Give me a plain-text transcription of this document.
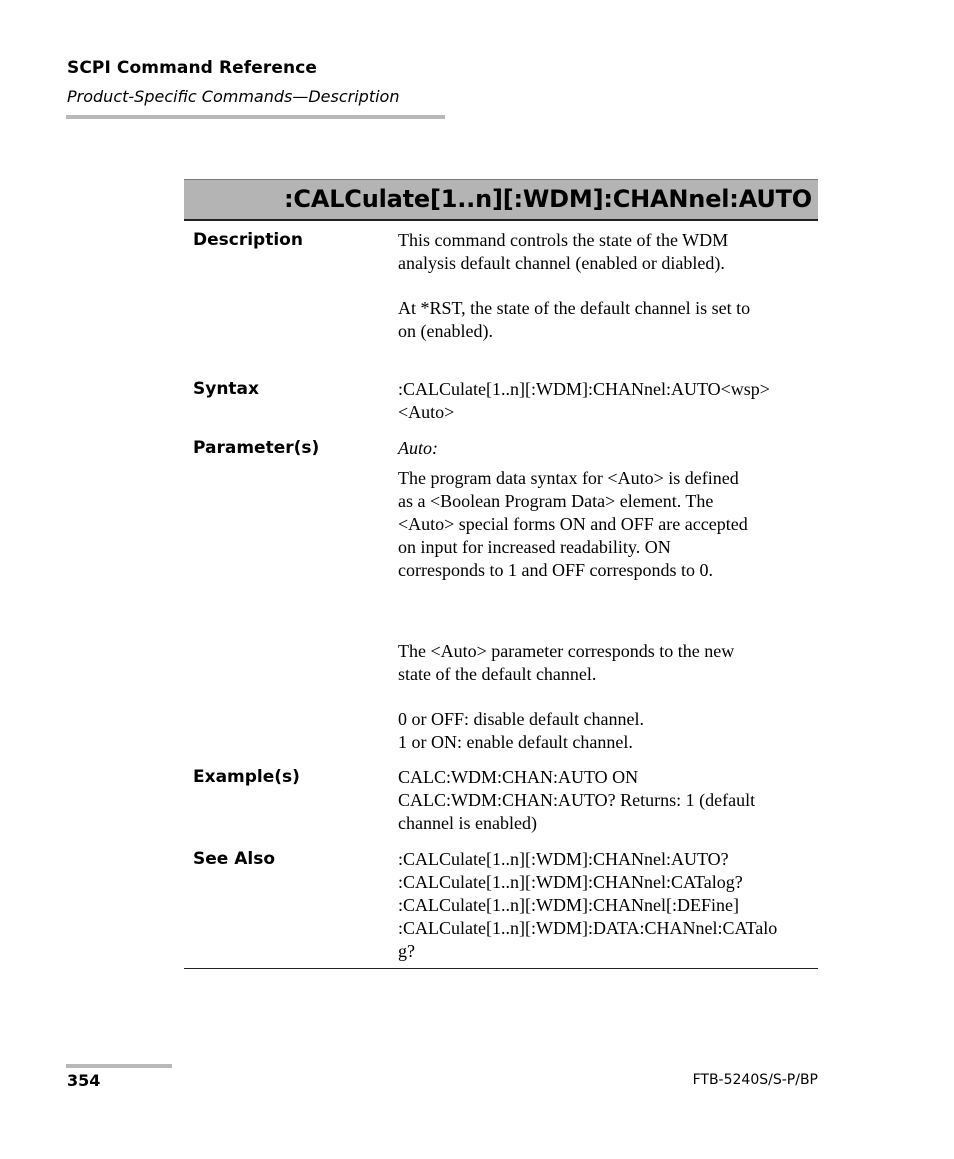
SCPI Command Reference
Product-Specific Commands—Description
:CALCulate[1..n][:WDM]:CHANnel:AUTO
Description	This command controls the state of the WDM
analysis default channel (enabled or diabled).
At *RST, the state of the default channel is set to
on (enabled).
Syntax	:CALCulate[1..n][:WDM]:CHANnel:AUTO<wsp>
<Auto>
Parameter(s)	Auto:
The program data syntax for <Auto> is defined
as a <Boolean Program Data> element. The
<Auto> special forms ON and OFF are accepted
on input for increased readability. ON
corresponds to 1 and OFF corresponds to 0.
The <Auto> parameter corresponds to the new
state of the default channel.
0 or OFF: disable default channel.
1 or ON: enable default channel.
Example(s)	CALC:WDM:CHAN:AUTO ON
CALC:WDM:CHAN:AUTO? Returns: 1 (default
channel is enabled)
See Also	:CALCulate[1..n][:WDM]:CHANnel:AUTO?
:CALCulate[1..n][:WDM]:CHANnel:CATalog?
:CALCulate[1..n][:WDM]:CHANnel[:DEFine]
:CALCulate[1..n][:WDM]:DATA:CHANnel:CATalo
g?
354	FTB-5240S/S-P/BP
